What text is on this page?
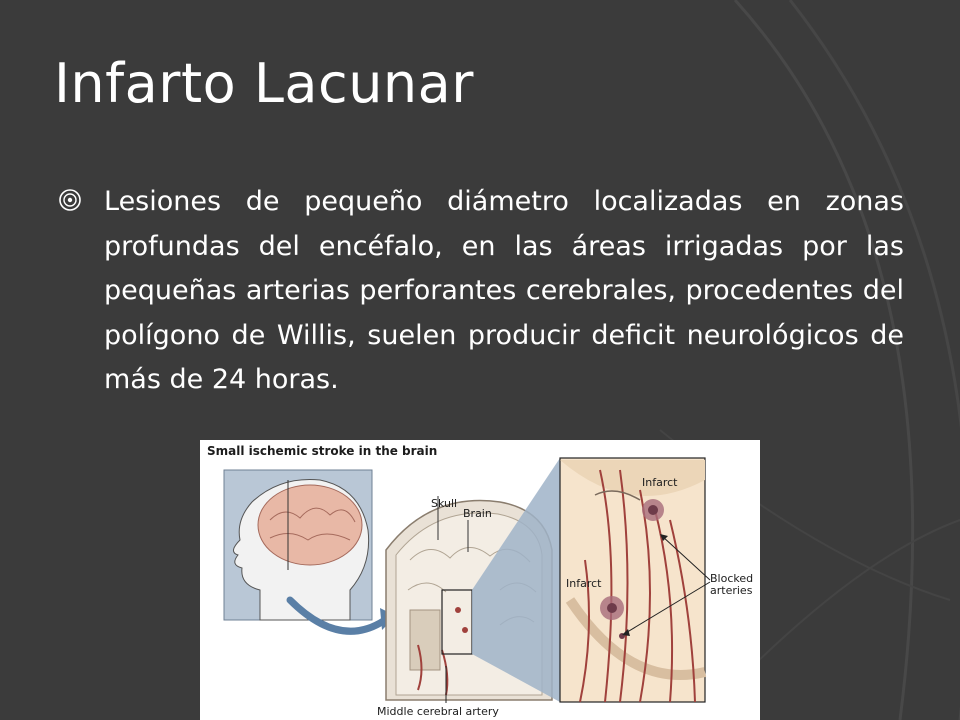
Infarto Lacunar

Lesiones de pequeño diámetro localizadas en zonas profundas del encéfalo, en las áreas irrigadas por las pequeñas arterias perforantes cerebrales, procedentes del polígono de Willis, suelen producir deficit neurológicos de más de 24 horas.

Small ischemic stroke in the brain

Skull

Brain

Infarct

Infarct	Blocked arteries

Middle cerebral artery
